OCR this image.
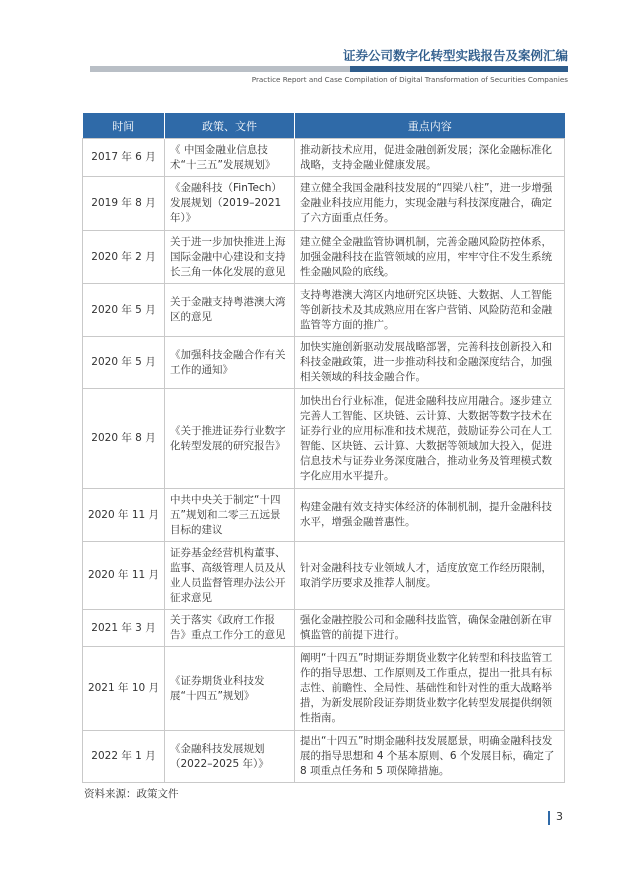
证券公司数字化转型实践报告及案例汇编
Practice Report and Case Compilation of Digital Transformation of Securities Companies
时间	政策、文件	重点内容
2017 年 6 月	《 中国金融业信息技术“十三五”发展规划》	推动新技术应用，促进金融创新发展；深化金融标准化战略，支持金融业健康发展。
2019 年 8 月	《金融科技（FinTech）发展规划（2019–2021年）》	建立健全我国金融科技发展的“四梁八柱”，进一步增强金融业科技应用能力，实现金融与科技深度融合，确定了六方面重点任务。
2020 年 2 月	关于进一步加快推进上海国际金融中心建设和支持长三角一体化发展的意见	建立健全金融监管协调机制，完善金融风险防控体系，加强金融科技在监管领域的应用，牢牢守住不发生系统性金融风险的底线。
2020 年 5 月	关于金融支持粤港澳大湾区的意见	支持粤港澳大湾区内地研究区块链、大数据、人工智能等创新技术及其成熟应用在客户营销、风险防范和金融监管等方面的推广。
2020 年 5 月	《加强科技金融合作有关工作的通知》	加快实施创新驱动发展战略部署，完善科技创新投入和科技金融政策，进一步推动科技和金融深度结合，加强相关领域的科技金融合作。
2020 年 8 月	《关于推进证券行业数字化转型发展的研究报告》	加快出台行业标准，促进金融科技应用融合。逐步建立完善人工智能、区块链、云计算、大数据等数字技术在证券行业的应用标准和技术规范，鼓励证券公司在人工智能、区块链、云计算、大数据等领域加大投入，促进信息技术与证券业务深度融合，推动业务及管理模式数字化应用水平提升。
2020 年 11 月	中共中央关于制定“十四五”规划和二零三五远景目标的建议	构建金融有效支持实体经济的体制机制，提升金融科技水平，增强金融普惠性。
2020 年 11 月	证券基金经营机构董事、监事、高级管理人员及从业人员监督管理办法公开征求意见	针对金融科技专业领域人才，适度放宽工作经历限制，取消学历要求及推荐人制度。
2021 年 3 月	关于落实《政府工作报告》重点工作分工的意见	强化金融控股公司和金融科技监管，确保金融创新在审慎监管的前提下进行。
2021 年 10 月	《证券期货业科技发展“十四五”规划》	阐明“十四五”时期证券期货业数字化转型和科技监管工作的指导思想、工作原则及工作重点，提出一批具有标志性、前瞻性、全局性、基础性和针对性的重大战略举措，为新发展阶段证券期货业数字化转型发展提供纲领性指南。
2022 年 1 月	《金融科技发展规划（2022–2025 年）》	提出“十四五”时期金融科技发展愿景，明确金融科技发展的指导思想和 4 个基本原则、6 个发展目标，确定了 8 项重点任务和 5 项保障措施。
资料来源：政策文件
3
